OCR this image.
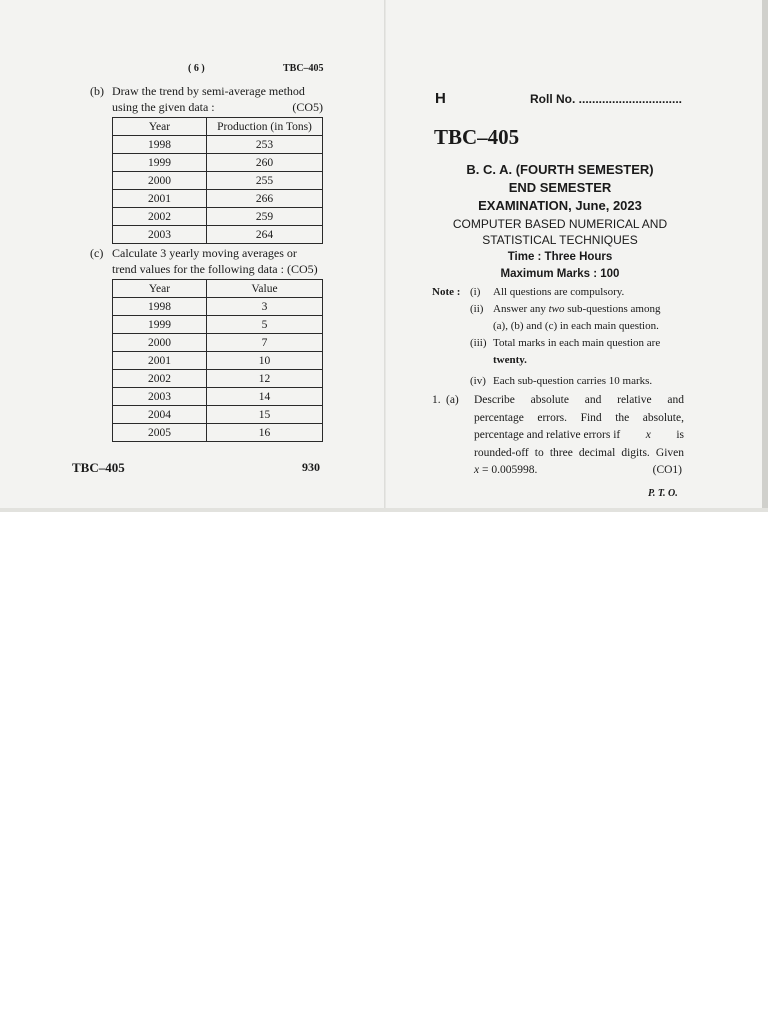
( 6 )	TBC–405
(b) Draw the trend by semi-average method
using the given data :	(CO5)
Year	Production (in Tons)
1998	253
1999	260
2000	255
2001	266
2002	259
2003	264
(c) Calculate 3 yearly moving averages or
trend values for the following data : (CO5)
Year	Value
1998	3
1999	5
2000	7
2001	10
2002	12
2003	14
2004	15
2005	16
TBC–405	930
H	Roll No. ...............................
TBC–405
B. C. A. (FOURTH SEMESTER)
END SEMESTER
EXAMINATION, June, 2023
COMPUTER BASED NUMERICAL AND
STATISTICAL TECHNIQUES
Time : Three Hours
Maximum Marks : 100
Note : (i) All questions are compulsory.
(ii) Answer any two sub-questions among
(a), (b) and (c) in each main question.
(iii) Total marks in each main question are
twenty.
(iv) Each sub-question carries 10 marks.
1. (a) Describe absolute and relative and
percentage errors. Find the absolute,
percentage and relative errors if x is
rounded-off to three decimal digits. Given
x = 0.005998.	(CO1)
P. T. O.
